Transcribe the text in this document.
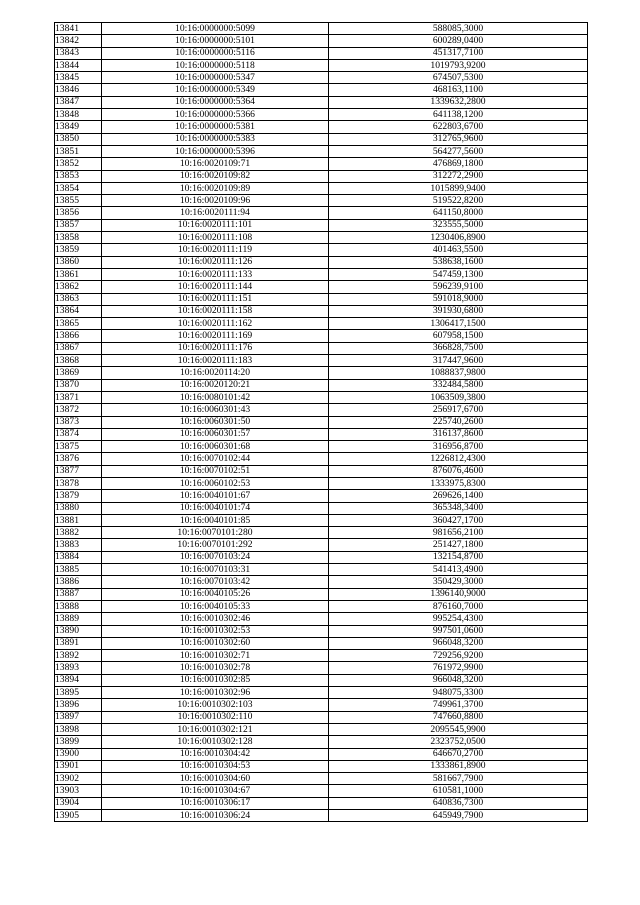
13841	10:16:0000000:5099	588085,3000
13842	10:16:0000000:5101	600289,0400
13843	10:16:0000000:5116	451317,7100
13844	10:16:0000000:5118	1019793,9200
13845	10:16:0000000:5347	674507,5300
13846	10:16:0000000:5349	468163,1100
13847	10:16:0000000:5364	1339632,2800
13848	10:16:0000000:5366	641138,1200
13849	10:16:0000000:5381	622803,6700
13850	10:16:0000000:5383	312765,9600
13851	10:16:0000000:5396	564277,5600
13852	10:16:0020109:71	476869,1800
13853	10:16:0020109:82	312272,2900
13854	10:16:0020109:89	1015899,9400
13855	10:16:0020109:96	519522,8200
13856	10:16:0020111:94	641150,8000
13857	10:16:0020111:101	323555,5000
13858	10:16:0020111:108	1230406,8900
13859	10:16:0020111:119	401463,5500
13860	10:16:0020111:126	538638,1600
13861	10:16:0020111:133	547459,1300
13862	10:16:0020111:144	596239,9100
13863	10:16:0020111:151	591018,9000
13864	10:16:0020111:158	391930,6800
13865	10:16:0020111:162	1306417,1500
13866	10:16:0020111:169	607958,1500
13867	10:16:0020111:176	366828,7500
13868	10:16:0020111:183	317447,9600
13869	10:16:0020114:20	1088837,9800
13870	10:16:0020120:21	332484,5800
13871	10:16:0080101:42	1063509,3800
13872	10:16:0060301:43	256917,6700
13873	10:16:0060301:50	225740,2600
13874	10:16:0060301:57	316137,8600
13875	10:16:0060301:68	316956,8700
13876	10:16:0070102:44	1226812,4300
13877	10:16:0070102:51	876076,4600
13878	10:16:0060102:53	1333975,8300
13879	10:16:0040101:67	269626,1400
13880	10:16:0040101:74	365348,3400
13881	10:16:0040101:85	360427,1700
13882	10:16:0070101:280	981656,2100
13883	10:16:0070101:292	251427,1800
13884	10:16:0070103:24	132154,8700
13885	10:16:0070103:31	541413,4900
13886	10:16:0070103:42	350429,3000
13887	10:16:0040105:26	1396140,9000
13888	10:16:0040105:33	876160,7000
13889	10:16:0010302:46	995254,4300
13890	10:16:0010302:53	997501,0600
13891	10:16:0010302:60	966048,3200
13892	10:16:0010302:71	729256,9200
13893	10:16:0010302:78	761972,9900
13894	10:16:0010302:85	966048,3200
13895	10:16:0010302:96	948075,3300
13896	10:16:0010302:103	749961,3700
13897	10:16:0010302:110	747660,8800
13898	10:16:0010302:121	2095545,9900
13899	10:16:0010302:128	2323752,0500
13900	10:16:0010304:42	646670,2700
13901	10:16:0010304:53	1333861,8900
13902	10:16:0010304:60	581667,7900
13903	10:16:0010304:67	610581,1000
13904	10:16:0010306:17	640836,7300
13905	10:16:0010306:24	645949,7900
